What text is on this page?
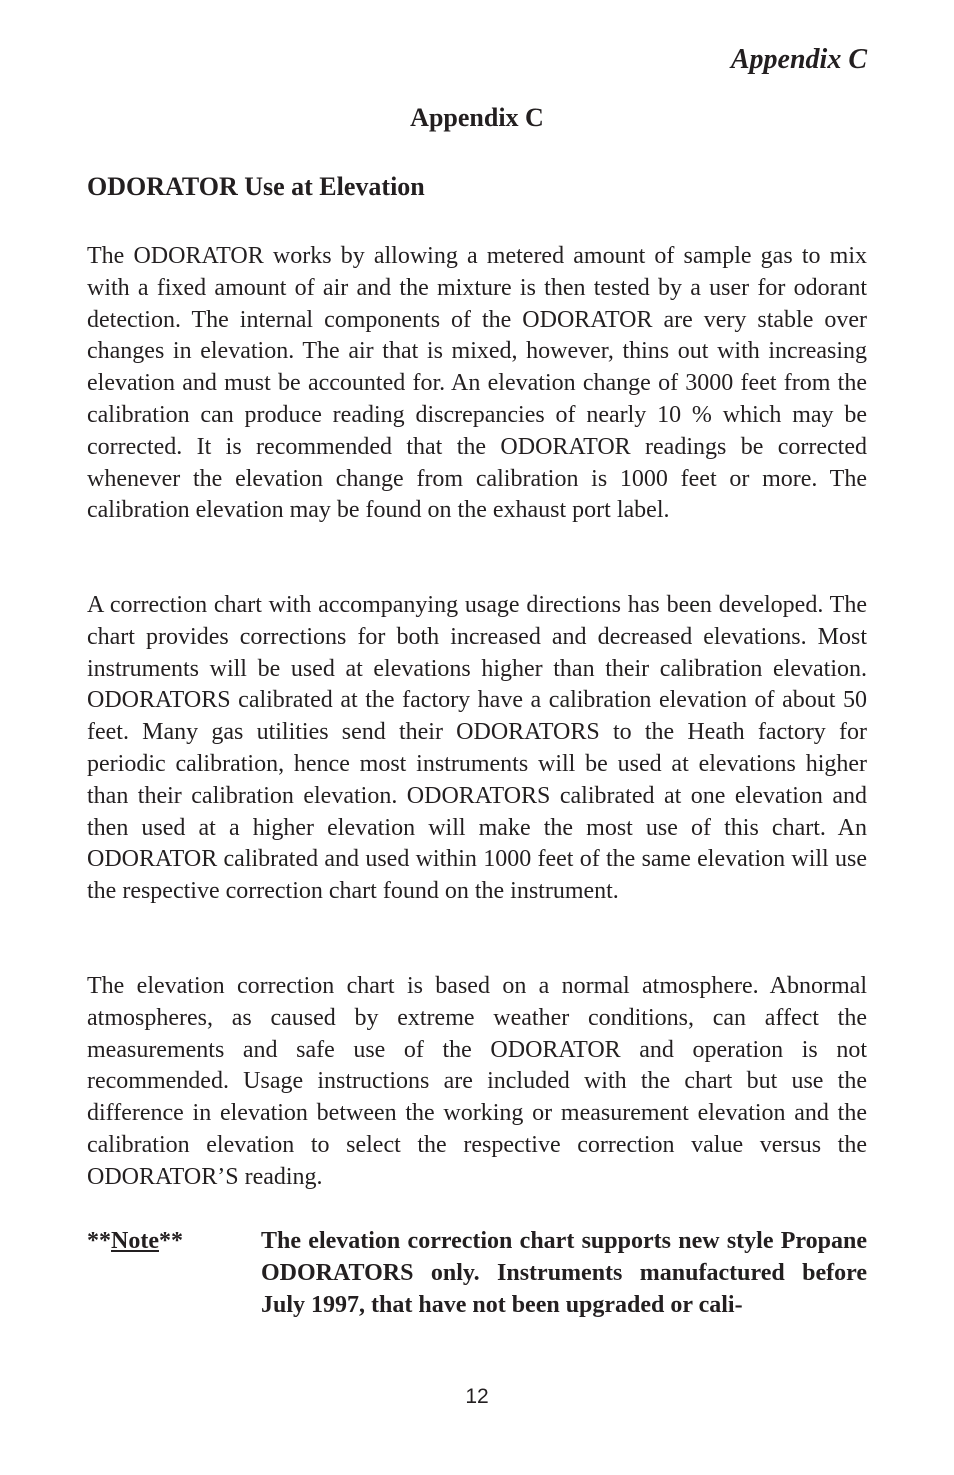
Appendix C
Appendix C
ODORATOR Use at Elevation

The ODORATOR works by allowing a metered amount of sample gas to mix with a fixed amount of air and the mixture is then tested by a user for odorant detection. The internal components of the ODORATOR are very stable over changes in elevation. The air that is mixed, however, thins out with increasing elevation and must be accounted for. An elevation change of 3000 feet from the calibration can produce reading discrepancies of nearly 10 % which may be corrected. It is recommended that the ODORATOR readings be corrected whenever the elevation change from calibration is 1000 feet or more. The calibration elevation may be found on the exhaust port label.

A correction chart with accompanying usage directions has been developed. The chart provides corrections for both increased and decreased elevations. Most instruments will be used at elevations higher than their calibration elevation. ODORATORS calibrated at the factory have a calibration elevation of about 50 feet. Many gas utilities send their ODORATORS to the Heath factory for periodic calibration, hence most instruments will be used at elevations higher than their calibration elevation. ODORATORS calibrated at one elevation and then used at a higher elevation will make the most use of this chart. An ODORATOR calibrated and used within 1000 feet of the same elevation will use the respective correction chart found on the instrument.

The elevation correction chart is based on a normal atmosphere. Abnormal atmospheres, as caused by extreme weather conditions, can affect the measurements and safe use of the ODORATOR and operation is not recommended. Usage instructions are included with the chart but use the difference in elevation between the working or measurement elevation and the calibration elevation to select the respective correction value versus the ODORATOR’S reading.

**Note**	The elevation correction chart supports new style Propane ODORATORS only. Instruments manufactured before July 1997, that have not been upgraded or cali-

12
